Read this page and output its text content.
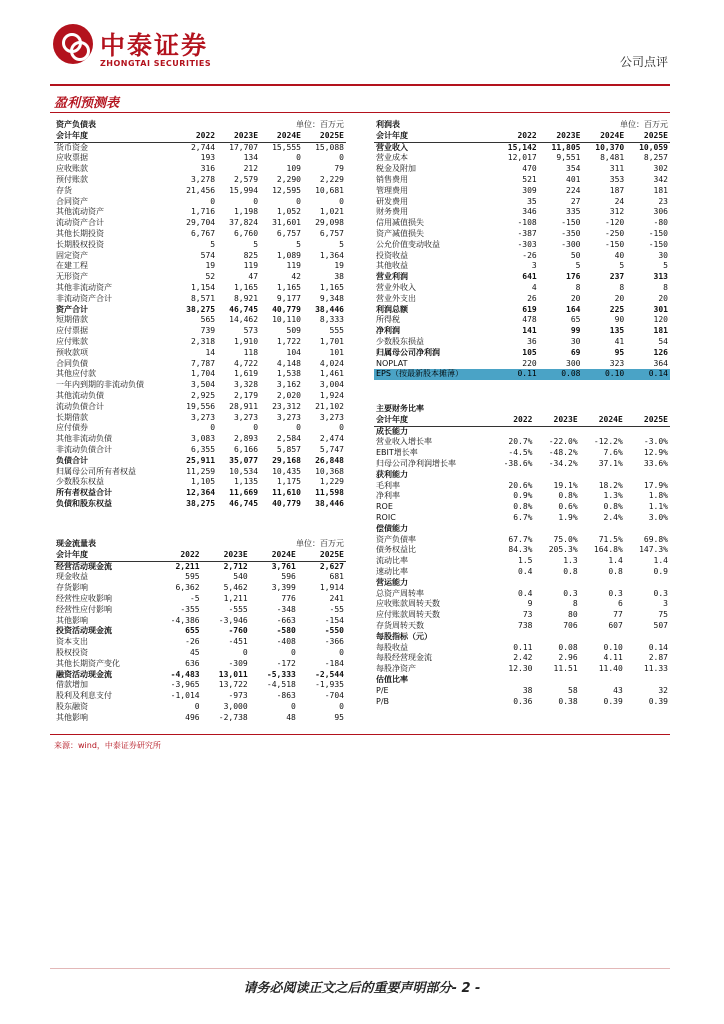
中泰证券
ZHONGTAI SECURITIES	公司点评
盈利预测表
资产负债表	单位：百万元			
会计年度	2022	2023E	2024E	2025E
货币资金	2,744	17,707	15,555	15,088
应收票据	193	134	0	0
应收账款	316	212	109	79
预付账款	3,278	2,579	2,290	2,229
存货	21,456	15,994	12,595	10,681
合同资产	0	0	0	0
其他流动资产	1,716	1,198	1,052	1,021
流动资产合计	29,704	37,824	31,601	29,098
其他长期投资	6,767	6,760	6,757	6,757
长期股权投资	5	5	5	5
固定资产	574	825	1,089	1,364
在建工程	19	119	119	19
无形资产	52	47	42	38
其他非流动资产	1,154	1,165	1,165	1,165
非流动资产合计	8,571	8,921	9,177	9,348
资产合计	38,275	46,745	40,779	38,446
短期借款	565	14,462	10,110	8,333
应付票据	739	573	509	555
应付账款	2,318	1,910	1,722	1,701
预收款项	14	118	104	101
合同负债	7,787	4,722	4,148	4,024
其他应付款	1,704	1,619	1,538	1,461
一年内到期的非流动负债	3,504	3,328	3,162	3,004
其他流动负债	2,925	2,179	2,020	1,924
流动负债合计	19,556	28,911	23,312	21,102
长期借款	3,273	3,273	3,273	3,273
应付债券	0	0	0	0
其他非流动负债	3,083	2,893	2,584	2,474
非流动负债合计	6,355	6,166	5,857	5,747
负债合计	25,911	35,077	29,168	26,848
归属母公司所有者权益	11,259	10,534	10,435	10,368
少数股东权益	1,105	1,135	1,175	1,229
所有者权益合计	12,364	11,669	11,610	11,598
负债和股东权益	38,275	46,745	40,779	38,446
现金流量表	单位：百万元			
会计年度	2022	2023E	2024E	2025E
经营活动现金流	2,211	2,712	3,761	2,627
现金收益	595	540	596	681
存货影响	6,362	5,462	3,399	1,914
经营性应收影响	-5	1,211	776	241
经营性应付影响	-355	-555	-348	-55
其他影响	-4,386	-3,946	-663	-154
投资活动现金流	655	-760	-580	-550
资本支出	-26	-451	-408	-366
股权投资	45	0	0	0
其他长期资产变化	636	-309	-172	-184
融资活动现金流	-4,483	13,011	-5,333	-2,544
借款增加	-3,965	13,722	-4,518	-1,935
股利及利息支付	-1,014	-973	-863	-704
股东融资	0	3,000	0	0
其他影响	496	-2,738	48	95
利润表	单位：百万元			
会计年度	2022	2023E	2024E	2025E
营业收入	15,142	11,805	10,370	10,059
营业成本	12,017	9,551	8,481	8,257
税金及附加	470	354	311	302
销售费用	521	401	353	342
管理费用	309	224	187	181
研发费用	35	27	24	23
财务费用	346	335	312	306
信用减值损失	-108	-150	-120	-80
资产减值损失	-387	-350	-250	-150
公允价值变动收益	-303	-300	-150	-150
投资收益	-26	50	40	30
其他收益	3	5	5	5
营业利润	641	176	237	313
营业外收入	4	8	8	8
营业外支出	26	20	20	20
利润总额	619	164	225	301
所得税	478	65	90	120
净利润	141	99	135	181
少数股东损益	36	30	41	54
归属母公司净利润	105	69	95	126
NOPLAT	220	300	323	364
EPS（按最新股本摊薄）	0.11	0.08	0.10	0.14
主要财务比率				
会计年度	2022	2023E	2024E	2025E
成长能力				
营业收入增长率	20.7%	-22.0%	-12.2%	-3.0%
EBIT增长率	-4.5%	-48.2%	7.6%	12.9%
归母公司净利润增长率	-38.6%	-34.2%	37.1%	33.6%
获利能力				
毛利率	20.6%	19.1%	18.2%	17.9%
净利率	0.9%	0.8%	1.3%	1.8%
ROE	0.8%	0.6%	0.8%	1.1%
ROIC	6.7%	1.9%	2.4%	3.0%
偿债能力				
资产负债率	67.7%	75.0%	71.5%	69.8%
债务权益比	84.3%	205.3%	164.8%	147.3%
流动比率	1.5	1.3	1.4	1.4
速动比率	0.4	0.8	0.8	0.9
营运能力				
总资产周转率	0.4	0.3	0.3	0.3
应收账款周转天数	9	8	6	3
应付账款周转天数	73	80	77	75
存货周转天数	738	706	607	507
每股指标（元）				
每股收益	0.11	0.08	0.10	0.14
每股经营现金流	2.42	2.96	4.11	2.87
每股净资产	12.30	11.51	11.40	11.33
估值比率				
P/E	38	58	43	32
P/B	0.36	0.38	0.39	0.39
来源：wind，中泰证券研究所
请务必阅读正文之后的重要声明部分- 2 -
